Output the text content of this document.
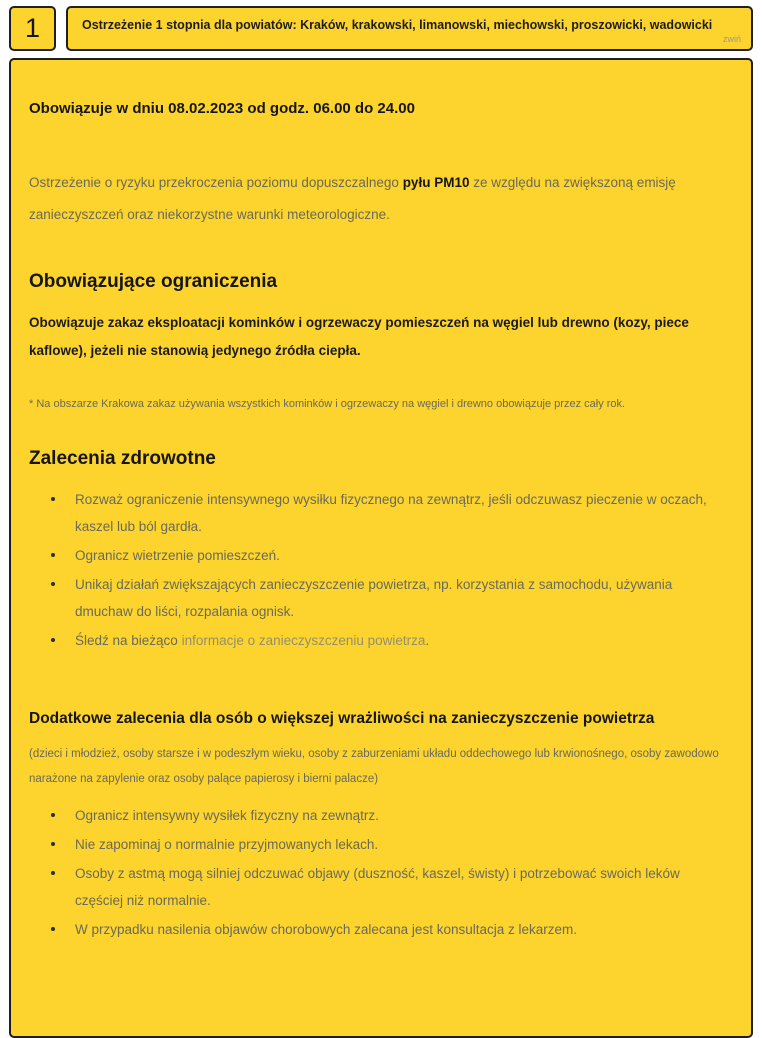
1	Ostrzeżenie 1 stopnia dla powiatów: Kraków, krakowski, limanowski, miechowski, proszowicki, wadowicki
zwiń
Obowiązuje w dniu 08.02.2023 od godz. 06.00 do 24.00

Ostrzeżenie o ryzyku przekroczenia poziomu dopuszczalnego pyłu PM10 ze względu na zwiększoną emisję zanieczyszczeń oraz niekorzystne warunki meteorologiczne.

Obowiązujące ograniczenia

Obowiązuje zakaz eksploatacji kominków i ogrzewaczy pomieszczeń na węgiel lub drewno (kozy, piece kaflowe), jeżeli nie stanowią jedynego źródła ciepła.

* Na obszarze Krakowa zakaz używania wszystkich kominków i ogrzewaczy na węgiel i drewno obowiązuje przez cały rok.

Zalecenia zdrowotne
Rozważ ograniczenie intensywnego wysiłku fizycznego na zewnątrz, jeśli odczuwasz pieczenie w oczach, kaszel lub ból gardła.
Ogranicz wietrzenie pomieszczeń.
Unikaj działań zwiększających zanieczyszczenie powietrza, np. korzystania z samochodu, używania dmuchaw do liści, rozpalania ognisk.
Śledź na bieżąco informacje o zanieczyszczeniu powietrza.
Dodatkowe zalecenia dla osób o większej wrażliwości na zanieczyszczenie powietrza

(dzieci i młodzież, osoby starsze i w podeszłym wieku, osoby z zaburzeniami układu oddechowego lub krwionośnego, osoby zawodowo narażone na zapylenie oraz osoby palące papierosy i bierni palacze)

Ogranicz intensywny wysiłek fizyczny na zewnątrz.
Nie zapominaj o normalnie przyjmowanych lekach.
Osoby z astmą mogą silniej odczuwać objawy (duszność, kaszel, świsty) i potrzebować swoich leków częściej niż normalnie.
W przypadku nasilenia objawów chorobowych zalecana jest konsultacja z lekarzem.
